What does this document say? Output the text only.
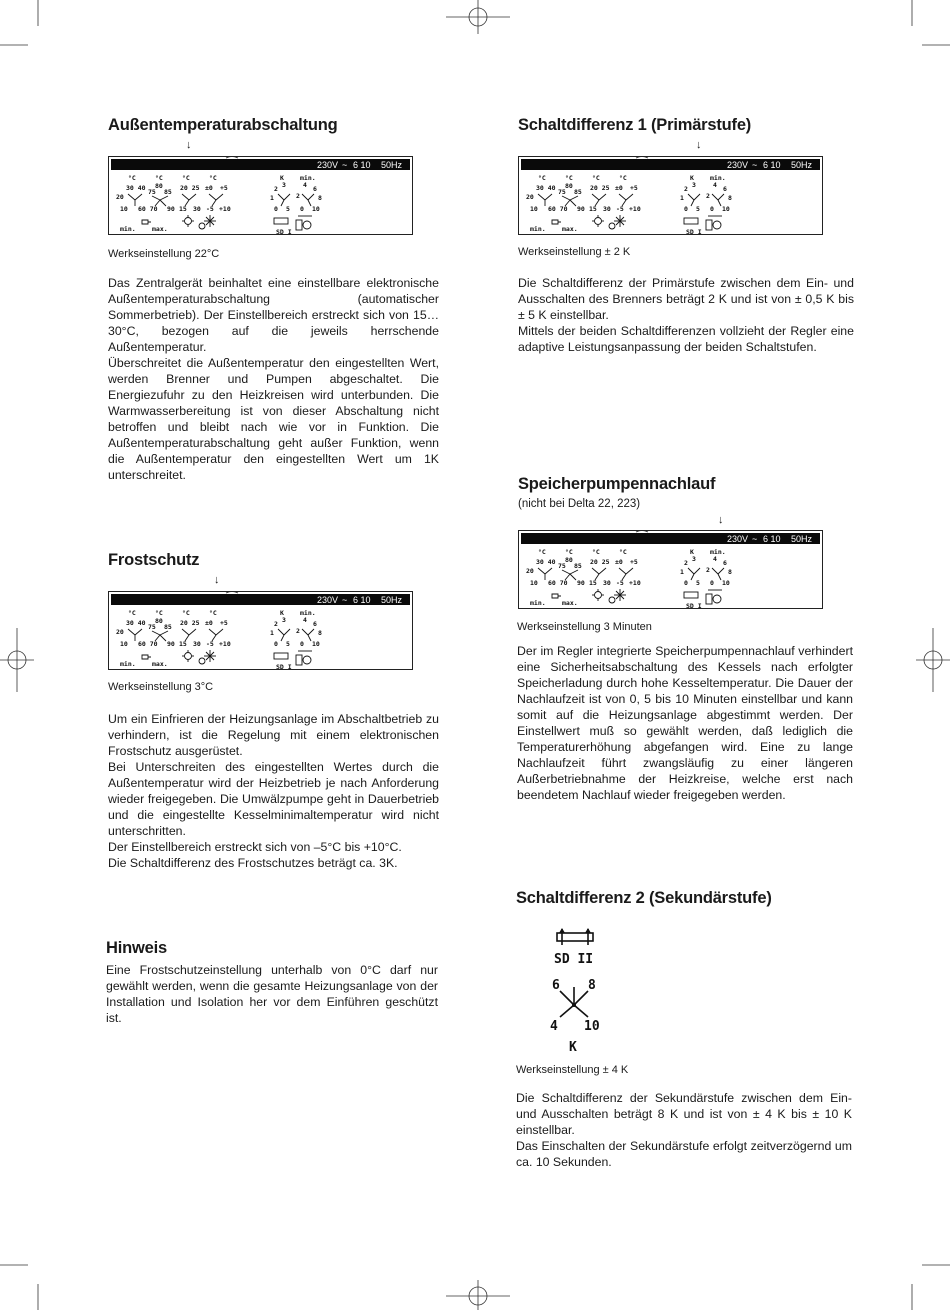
Außentemperaturabschaltung
↓
230V ~ 6 10 50Hz
°C	°C	°C	°C	K min.
30 40
20
10
80
75 85
60 70 90
20 25 ±0 +5
15 30 -5 +10
2 3
1
4 6
2	8
0 5 0 10
min.	max.	SD I
Werkseinstellung 22°C

Das Zentralgerät beinhaltet eine einstellbare elektronische Außentemperaturabschaltung (automatischer Sommerbetrieb). Der Einstellbereich erstreckt sich von 15…30°C, bezogen auf die jeweils herrschende Außentemperatur.

Überschreitet die Außentemperatur den eingestellten Wert, werden Brenner und Pumpen abgeschaltet. Die Energiezufuhr zu den Heizkreisen wird unterbunden. Die Warmwasserbereitung ist von dieser Abschaltung nicht betroffen und bleibt nach wie vor in Funktion. Die Außentemperaturabschaltung geht außer Funktion, wenn die Außentemperatur den eingestellten Wert um 1K unterschreitet.

Frostschutz
↓
230V ~ 6 10 50Hz
°C	°C	°C	°C	K min.
30 40
20
10
80
75 85
60 70 90
20 25 ±0 +5
15 30 -5 +10
2 3
1
4 6
2	8
0 5 0 10
min.	max.	SD I
Werkseinstellung 3°C

Um ein Einfrieren der Heizungsanlage im Abschaltbetrieb zu verhindern, ist die Regelung mit einem elektronischen Frostschutz ausgerüstet.

Bei Unterschreiten des eingestellten Wertes durch die Außentemperatur wird der Heizbetrieb je nach Anforderung wieder freigegeben. Die Umwälzpumpe geht in Dauerbetrieb und die eingestellte Kesselminimaltemperatur wird nicht unterschritten.

Der Einstellbereich erstreckt sich von –5°C bis +10°C.

Die Schaltdifferenz des Frostschutzes beträgt ca. 3K.

Hinweis

Eine Frostschutzeinstellung unterhalb von 0°C darf nur gewählt werden, wenn die gesamte Heizungsanlage von der Installation und Isolation her vor dem Einführen geschützt ist.

Schaltdifferenz 1 (Primärstufe)
↓
230V ~ 6 10 50Hz
°C	°C	°C	°C	K min.
30 40
20
10
80
75 85
60 70 90
20 25 ±0 +5
15 30 -5 +10
2 3
1
4 6
2	8
0 5 0 10
min.	max.	SD I
Werkseinstellung ± 2 K

Die Schaltdifferenz der Primärstufe zwischen dem Ein- und Ausschalten des Brenners beträgt 2 K und ist von ± 0,5 K bis ± 5 K einstellbar.

Mittels der beiden Schaltdifferenzen vollzieht der Regler eine adaptive Leistungsanpassung der beiden Schaltstufen.

Speicherpumpennachlauf
(nicht bei Delta 22, 223)
↓
230V ~ 6 10 50Hz
°C	°C	°C	°C	K min.
30 40
20
10
80
75 85
60 70 90
20 25 ±0 +5
15 30 -5 +10
2 3
1
4 6
2	8
0 5 0 10
min.	max.	SD I
Werkseinstellung 3 Minuten

Der im Regler integrierte Speicherpumpennachlauf verhindert eine Sicherheitsabschaltung des Kessels nach erfolgter Speicherladung durch hohe Kesseltemperatur. Die Dauer der Nachlaufzeit ist von 0, 5 bis 10 Minuten einstellbar und kann somit auf die Heizungsanlage abgestimmt werden. Der Einstellwert muß so gewählt werden, daß lediglich die Temperaturerhöhung abgefangen wird. Eine zu lange Nachlaufzeit führt zwangsläufig zu einer längeren Außerbetriebnahme der Heizkreise, welche erst nach beendetem Nachlauf wieder freigegeben werden.

Schaltdifferenz 2 (Sekundärstufe)
SD II
6 8
4 10
K
Werkseinstellung ± 4 K

Die Schaltdifferenz der Sekundärstufe zwischen dem Ein- und Ausschalten beträgt 8 K und ist von ± 4 K bis ± 10 K einstellbar.

Das Einschalten der Sekundärstufe erfolgt zeitverzögernd um ca. 10 Sekunden.
